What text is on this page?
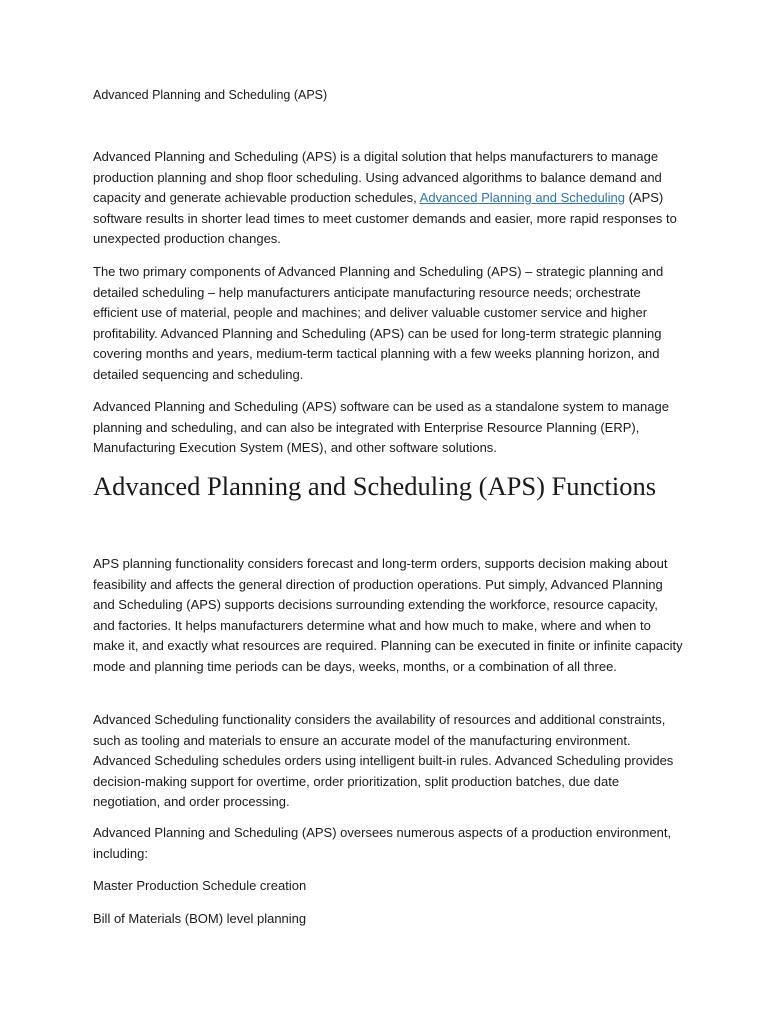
Advanced Planning and Scheduling (APS)

Advanced Planning and Scheduling (APS) is a digital solution that helps manufacturers to manage production planning and shop floor scheduling. Using advanced algorithms to balance demand and capacity and generate achievable production schedules, Advanced Planning and Scheduling (APS) software results in shorter lead times to meet customer demands and easier, more rapid responses to unexpected production changes.

The two primary components of Advanced Planning and Scheduling (APS) – strategic planning and detailed scheduling – help manufacturers anticipate manufacturing resource needs; orchestrate efficient use of material, people and machines; and deliver valuable customer service and higher profitability. Advanced Planning and Scheduling (APS) can be used for long-term strategic planning covering months and years, medium-term tactical planning with a few weeks planning horizon, and detailed sequencing and scheduling.

Advanced Planning and Scheduling (APS) software can be used as a standalone system to manage planning and scheduling, and can also be integrated with Enterprise Resource Planning (ERP), Manufacturing Execution System (MES), and other software solutions.

Advanced Planning and Scheduling (APS) Functions

APS planning functionality considers forecast and long-term orders, supports decision making about feasibility and affects the general direction of production operations. Put simply, Advanced Planning and Scheduling (APS) supports decisions surrounding extending the workforce, resource capacity, and factories. It helps manufacturers determine what and how much to make, where and when to make it, and exactly what resources are required. Planning can be executed in finite or infinite capacity mode and planning time periods can be days, weeks, months, or a combination of all three.

Advanced Scheduling functionality considers the availability of resources and additional constraints, such as tooling and materials to ensure an accurate model of the manufacturing environment. Advanced Scheduling schedules orders using intelligent built-in rules. Advanced Scheduling provides decision-making support for overtime, order prioritization, split production batches, due date negotiation, and order processing.

Advanced Planning and Scheduling (APS) oversees numerous aspects of a production environment, including:

Master Production Schedule creation

Bill of Materials (BOM) level planning
